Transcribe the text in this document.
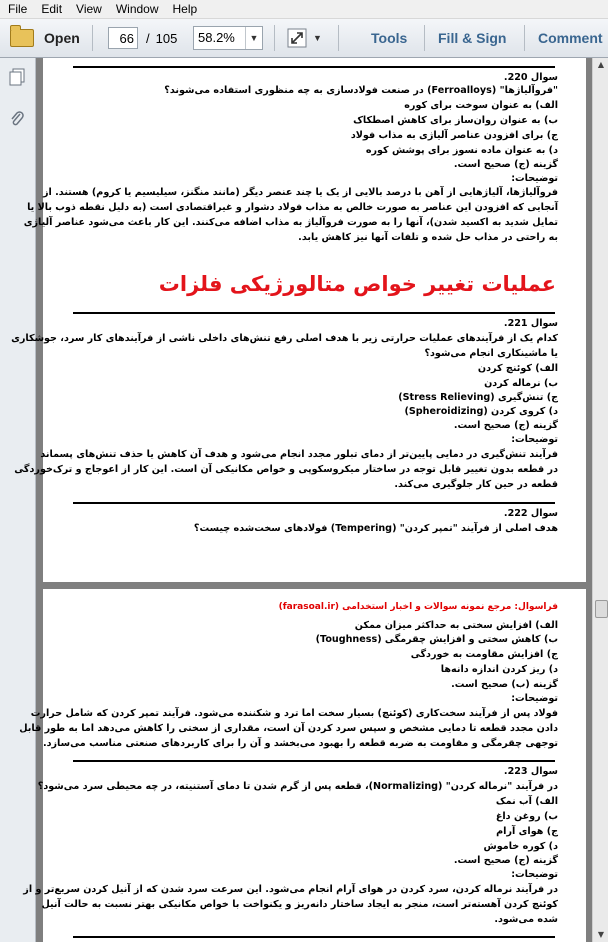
File Edit View Window Help
Open	66 / 105 58.2%	▼	▼	Tools Fill & Sign Comment
سوال 220.
"فروآلیاژها" (Ferroalloys) در صنعت فولادسازی به چه منظوری استفاده می‌شوند؟
الف) به عنوان سوخت برای کوره
ب) به عنوان روان‌ساز برای کاهش اصطکاک
ج) برای افزودن عناصر آلیاژی به مذاب فولاد
د) به عنوان ماده نسوز برای پوشش کوره
گزینه (ج) صحیح است.
توضیحات:
فروآلیاژها، آلیاژهایی از آهن با درصد بالایی از یک یا چند عنصر دیگر (مانند منگنز، سیلیسیم یا کروم) هستند. از
آنجایی که افزودن این عناصر به صورت خالص به مذاب فولاد دشوار و غیراقتصادی است (به دلیل نقطه ذوب بالا یا
تمایل شدید به اکسید شدن)، آنها را به صورت فروآلیاژ به مذاب اضافه می‌کنند. این کار باعث می‌شود عناصر آلیاژی
به راحتی در مذاب حل شده و تلفات آنها نیز کاهش یابد.
عملیات تغییر خواص متالورژیکی فلزات
سوال 221.
کدام یک از فرآیندهای عملیات حرارتی زیر با هدف اصلی رفع تنش‌های داخلی ناشی از فرآیندهای کار سرد، جوشکاری
یا ماشینکاری انجام می‌شود؟
الف) کوئنچ کردن
ب) نرماله کردن
ج) تنش‌گیری (Stress Relieving)
د) کروی کردن (Spheroidizing)
گزینه (ج) صحیح است.
توضیحات:
فرآیند تنش‌گیری در دمایی پایین‌تر از دمای تبلور مجدد انجام می‌شود و هدف آن کاهش یا حذف تنش‌های پسماند
در قطعه بدون تغییر قابل توجه در ساختار میکروسکوپی و خواص مکانیکی آن است. این کار از اعوجاج و ترک‌خوردگی
قطعه در حین کار جلوگیری می‌کند.
سوال 222.
هدف اصلی از فرآیند "تمپر کردن" (Tempering) فولادهای سخت‌شده چیست؟
فراسوال: مرجع نمونه سوالات و اخبار استخدامی (farasoal.ir)
الف) افزایش سختی به حداکثر میزان ممکن
ب) کاهش سختی و افزایش چقرمگی (Toughness)
ج) افزایش مقاومت به خوردگی
د) ریز کردن اندازه دانه‌ها
گزینه (ب) صحیح است.
توضیحات:
فولاد پس از فرآیند سخت‌کاری (کوئنچ) بسیار سخت اما ترد و شکننده می‌شود. فرآیند تمپر کردن که شامل حرارت
دادن مجدد قطعه تا دمایی مشخص و سپس سرد کردن آن است، مقداری از سختی را کاهش می‌دهد اما به طور قابل
توجهی چقرمگی و مقاومت به ضربه قطعه را بهبود می‌بخشد و آن را برای کاربردهای صنعتی مناسب می‌سازد.
سوال 223.
در فرآیند "نرماله کردن" (Normalizing)، قطعه پس از گرم شدن تا دمای آستنیته، در چه محیطی سرد می‌شود؟
الف) آب نمک
ب) روغن داغ
ج) هوای آرام
د) کوره خاموش
گزینه (ج) صحیح است.
توضیحات:
در فرآیند نرماله کردن، سرد کردن در هوای آرام انجام می‌شود. این سرعت سرد شدن که از آنیل کردن سریع‌تر و از
کوئنچ کردن آهسته‌تر است، منجر به ایجاد ساختار دانه‌ریز و یکنواخت با خواص مکانیکی بهتر نسبت به حالت آنیل
شده می‌شود.
▲
▼
